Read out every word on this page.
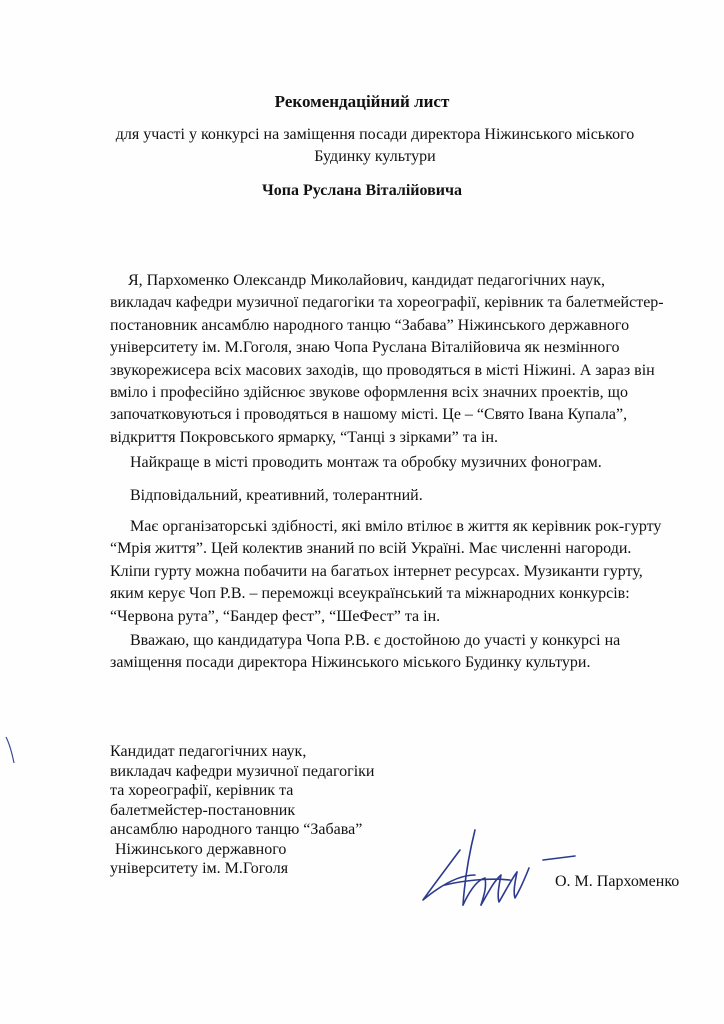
Рекомендаційний лист
для участі у конкурсі на заміщення посади директора Ніжинського міського
Будинку культури
Чопа Руслана Віталійовича

Я, Пархоменко Олександр Миколайович, кандидат педагогічних наук, викладач кафедри музичної педагогіки та хореографії, керівник та балетмейстер-постановник ансамблю народного танцю “Забава” Ніжинського державного університету ім. М.Гоголя, знаю Чопа Руслана Віталійовича як незмінного звукорежисера всіх масових заходів, що проводяться в місті Ніжині. А зараз він вміло і професійно здійснює звукове оформлення всіх значних проектів, що започатковуються і проводяться в нашому місті. Це – “Свято Івана Купала”, відкриття Покровського ярмарку, “Танці з зірками” та ін.

Найкраще в місті проводить монтаж та обробку музичних фонограм.

Відповідальний, креативний, толерантний.

Має організаторські здібності, які вміло втілює в життя як керівник рок-гурту “Мрія життя”. Цей колектив знаний по всій Україні. Має численні нагороди. Кліпи гурту можна побачити на багатьох інтернет ресурсах. Музиканти гурту, яким керує Чоп Р.В. – переможці всеукраїнський та міжнародних конкурсів: “Червона рута”, “Бандер фест”, “ШеФест” та ін.

Вважаю, що кандидатура Чопа Р.В. є достойною до участі у конкурсі на заміщення посади директора Ніжинського міського Будинку культури.

Кандидат педагогічних наук,
викладач кафедри музичної педагогіки
та хореографії, керівник та
балетмейстер-постановник
ансамблю народного танцю “Забава”
Ніжинського державного
університету ім. М.Гоголя
О. М. Пархоменко
